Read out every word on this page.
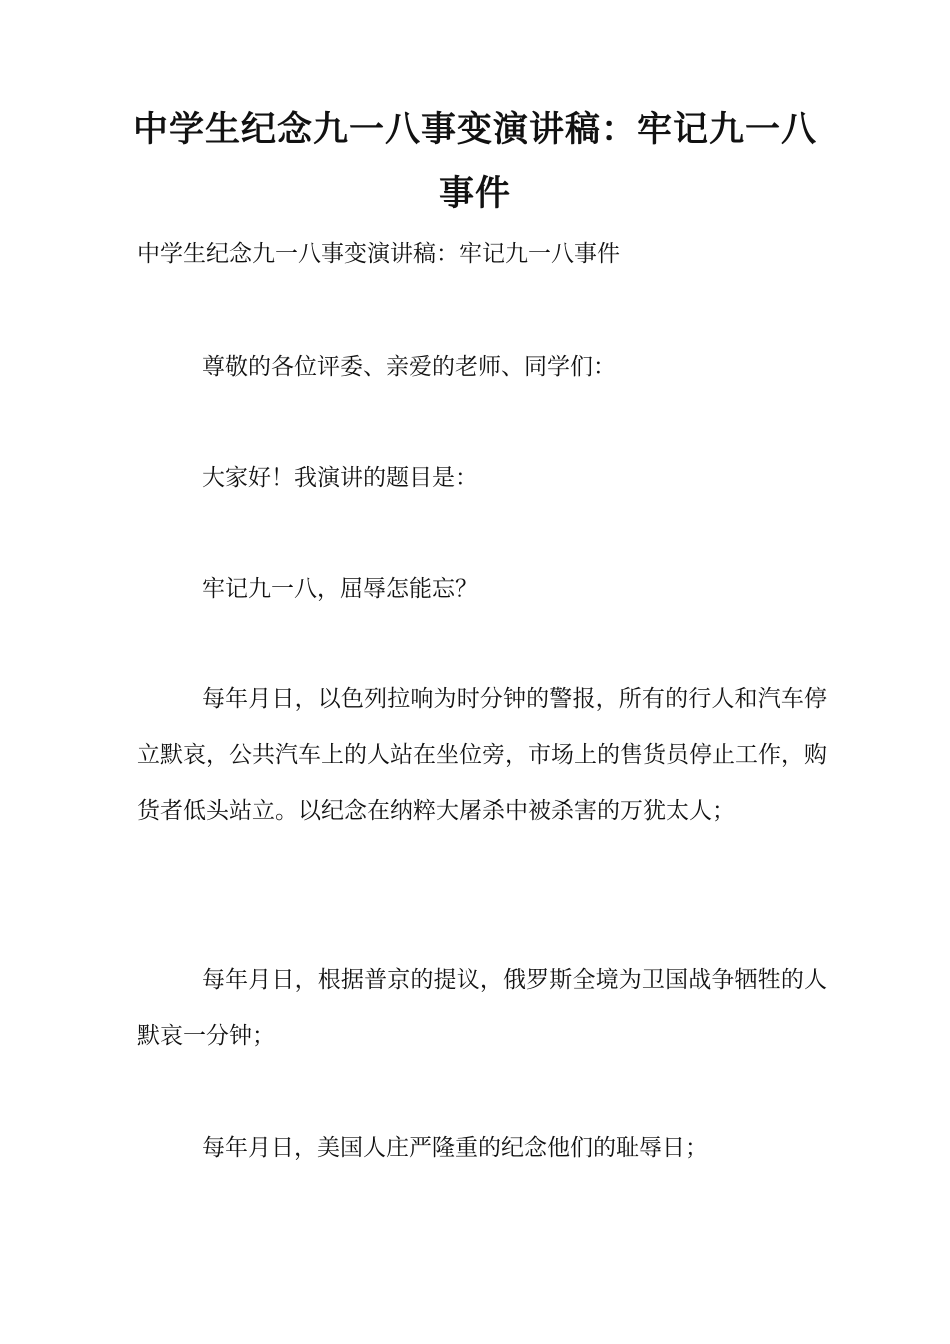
中学生纪念九一八事变演讲稿：牢记九一八事件

中学生纪念九一八事变演讲稿：牢记九一八事件

尊敬的各位评委、亲爱的老师、同学们：

大家好！我演讲的题目是：

牢记九一八，屈辱怎能忘？

每年月日，以色列拉响为时分钟的警报，所有的行人和汽车停立默哀，公共汽车上的人站在坐位旁，市场上的售货员停止工作，购货者低头站立。以纪念在纳粹大屠杀中被杀害的万犹太人；

每年月日，根据普京的提议，俄罗斯全境为卫国战争牺牲的人默哀一分钟；

每年月日，美国人庄严隆重的纪念他们的耻辱日；
